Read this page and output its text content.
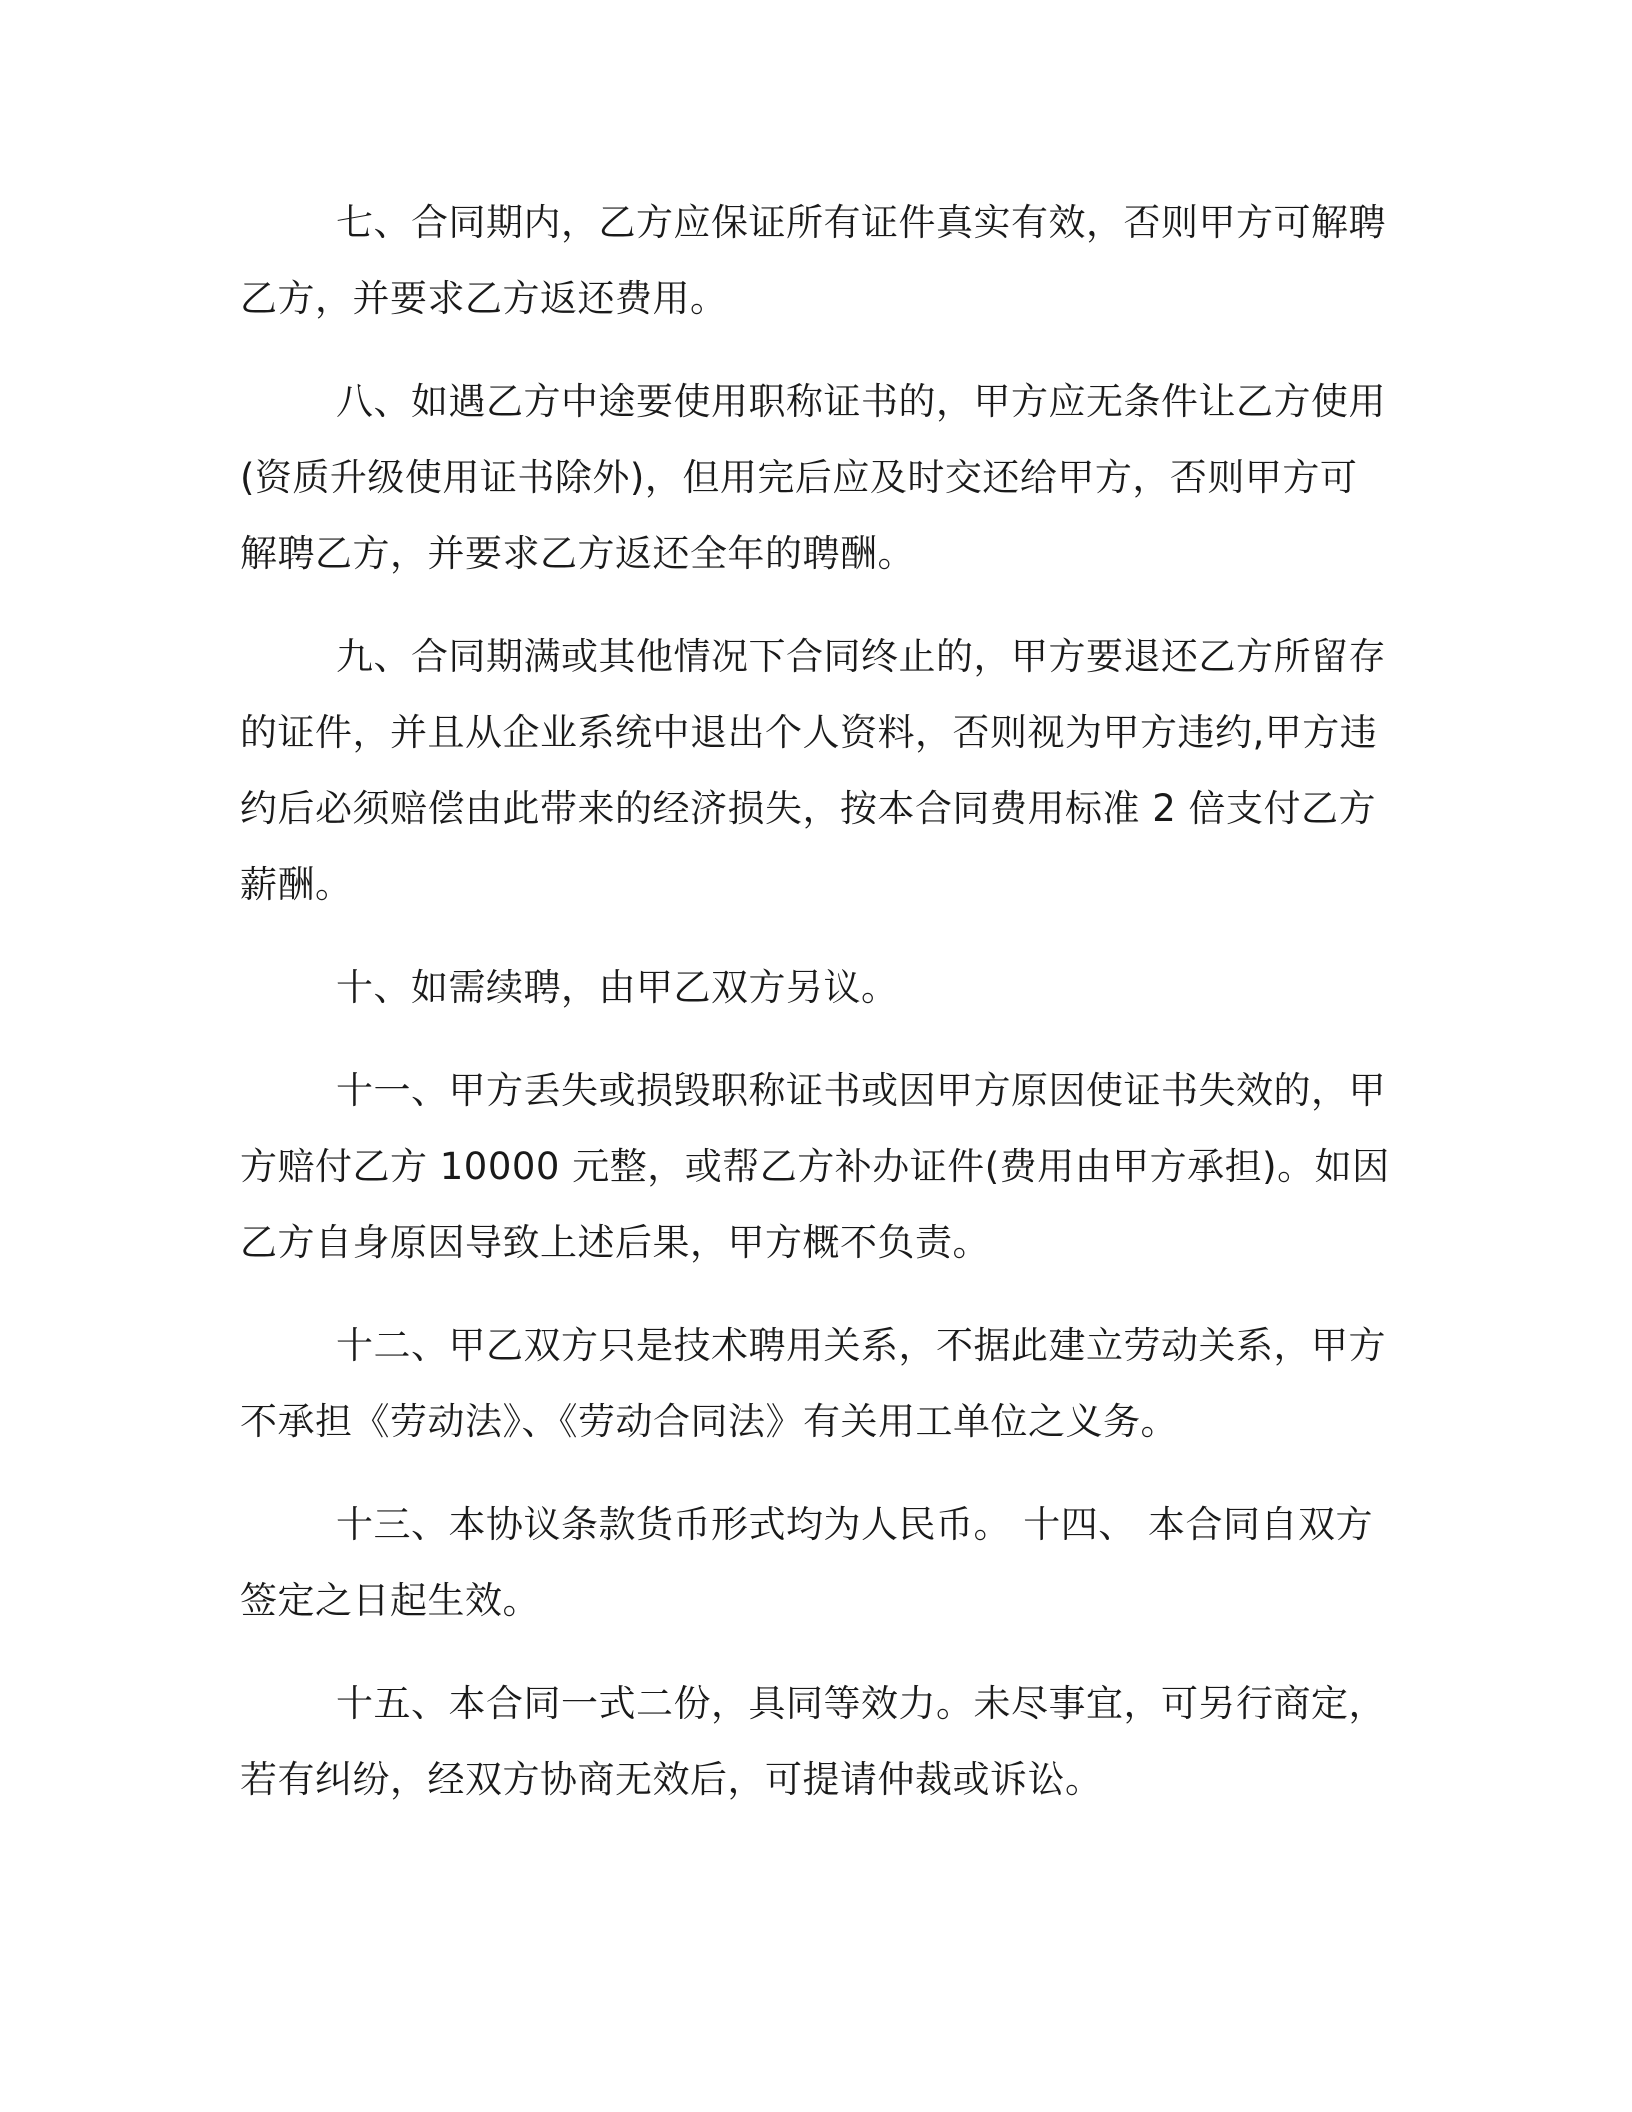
七、合同期内，乙方应保证所有证件真实有效，否则甲方可解聘乙方，并要求乙方返还费用。

八、如遇乙方中途要使用职称证书的，甲方应无条件让乙方使用(资质升级使用证书除外)，但用完后应及时交还给甲方，否则甲方可解聘乙方，并要求乙方返还全年的聘酬。

九、合同期满或其他情况下合同终止的，甲方要退还乙方所留存的证件，并且从企业系统中退出个人资料，否则视为甲方违约,甲方违约后必须赔偿由此带来的经济损失，按本合同费用标准 2 倍支付乙方薪酬。

十、如需续聘，由甲乙双方另议。

十一、甲方丢失或损毁职称证书或因甲方原因使证书失效的，甲方赔付乙方 10000 元整，或帮乙方补办证件(费用由甲方承担)。如因乙方自身原因导致上述后果，甲方概不负责。

十二、甲乙双方只是技术聘用关系，不据此建立劳动关系，甲方不承担《劳动法》、《劳动合同法》有关用工单位之义务。

十三、本协议条款货币形式均为人民币。 十四、 本合同自双方签定之日起生效。

十五、本合同一式二份，具同等效力。未尽事宜，可另行商定，若有纠纷，经双方协商无效后，可提请仲裁或诉讼。
